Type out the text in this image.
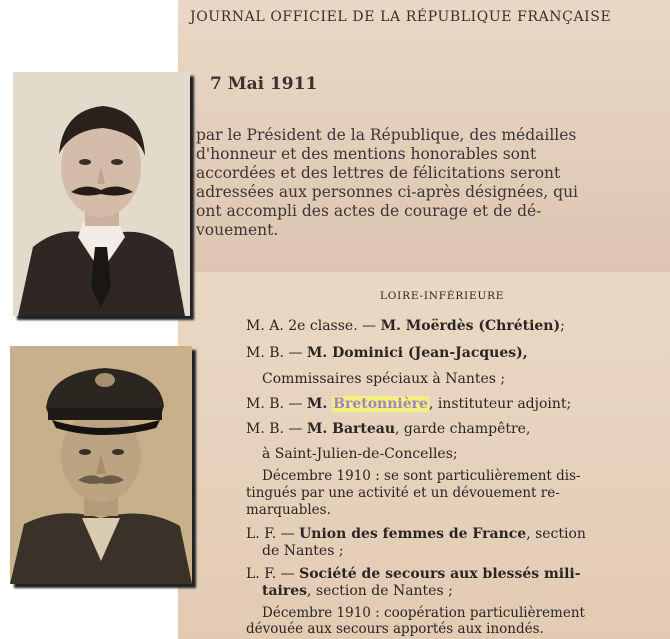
JOURNAL OFFICIEL DE LA RÉPUBLIQUE FRANÇAISE
7 Mai 1911
par le Président de la République, des médailles
d'honneur et des mentions honorables sont
accordées et des lettres de félicitations seront
adressées aux personnes ci-après désignées, qui
ont accompli des actes de courage et de dé-
vouement.
LOIRE-INFÉRIEURE
M. A. 2e classe. — M. Moërdès (Chrétien);
M. B. — M. Dominici (Jean-Jacques),
Commissaires spéciaux à Nantes ;
M. B. — M. Bretonnière, instituteur adjoint;
M. B. — M. Barteau, garde champêtre,
à Saint-Julien-de-Concelles;
Décembre 1910 : se sont particulièrement dis-
tingués par une activité et un dévouement re-
marquables.
L. F. — Union des femmes de France, section
de Nantes ;
L. F. — Société de secours aux blessés mili-
taires, section de Nantes ;
Décembre 1910 : coopération particulièrement
dévouée aux secours apportés aux inondés.
